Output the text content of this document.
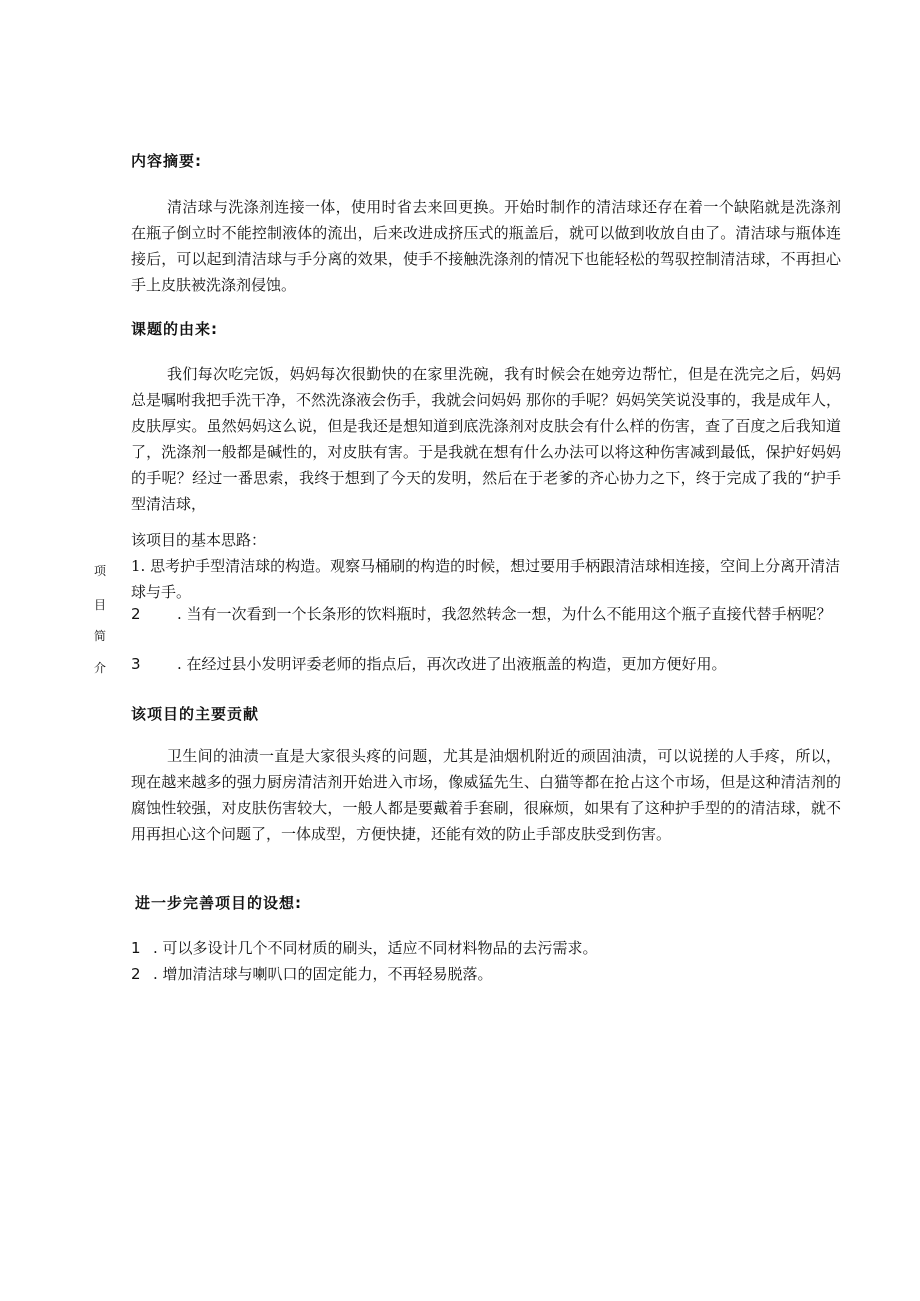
内容摘要:
清洁球与洗涤剂连接一体，使用时省去来回更换。开始时制作的清洁球还存在着一个缺陷就是洗涤剂在瓶子倒立时不能控制液体的流出，后来改进成挤压式的瓶盖后，就可以做到收放自由了。清洁球与瓶体连接后，可以起到清洁球与手分离的效果，使手不接触洗涤剂的情况下也能轻松的驾驭控制清洁球，不再担心手上皮肤被洗涤剂侵蚀。
课题的由来:
我们每次吃完饭，妈妈每次很勤快的在家里洗碗，我有时候会在她旁边帮忙，但是在洗完之后，妈妈总是嘱咐我把手洗干净，不然洗涤液会伤手，我就会问妈妈 那你的手呢？妈妈笑笑说没事的，我是成年人，皮肤厚实。虽然妈妈这么说，但是我还是想知道到底洗涤剂对皮肤会有什么样的伤害，查了百度之后我知道了，洗涤剂一般都是碱性的，对皮肤有害。于是我就在想有什么办法可以将这种伤害减到最低，保护好妈妈的手呢？经过一番思索，我终于想到了今天的发明，然后在于老爹的齐心协力之下，终于完成了我的“护手型清洁球，
该项目的基本思路：
项
目
简
介
1. 思考护手型清洁球的构造。观察马桶刷的构造的时候，想过要用手柄跟清洁球相连接，空间上分离开清洁球与手。
2 . 当有一次看到一个长条形的饮料瓶时，我忽然转念一想，为什么不能用这个瓶子直接代替手柄呢？
3 . 在经过县小发明评委老师的指点后，再次改进了出液瓶盖的构造，更加方便好用。
该项目的主要贡献
卫生间的油渍一直是大家很头疼的问题，尤其是油烟机附近的顽固油渍，可以说搓的人手疼，所以，现在越来越多的强力厨房清洁剂开始进入市场，像威猛先生、白猫等都在抢占这个市场，但是这种清洁剂的腐蚀性较强，对皮肤伤害较大，一般人都是要戴着手套刷，很麻烦，如果有了这种护手型的的清洁球，就不用再担心这个问题了，一体成型，方便快捷，还能有效的防止手部皮肤受到伤害。
进一步完善项目的设想:
1 . 可以多设计几个不同材质的刷头，适应不同材料物品的去污需求。
2 . 增加清洁球与喇叭口的固定能力，不再轻易脱落。
